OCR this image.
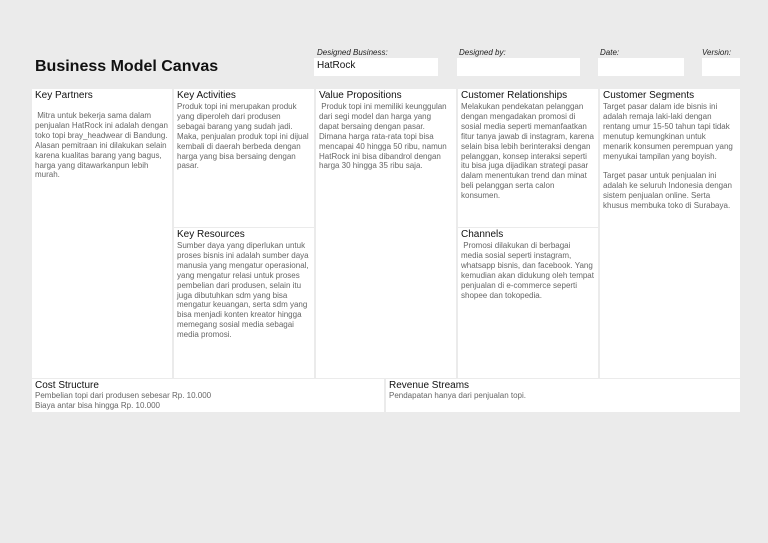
Business Model Canvas
Designed Business:
HatRock
Designed by:	Date:	Version:
Key Partners
Mitra untuk bekerja sama dalam penjualan HatRock ini adalah dengan toko topi bray_headwear di Bandung. Alasan pemitraan ini dilakukan selain karena kualitas barang yang bagus, harga yang ditawarkanpun lebih murah.
Key Activities
Produk topi ini merupakan produk yang diperoleh dari produsen sebagai barang yang sudah jadi.
Maka, penjualan produk topi ini dijual kembali di daerah berbeda dengan harga yang bisa bersaing dengan pasar.
Key Resources
Sumber daya yang diperlukan untuk proses bisnis ini adalah sumber daya manusia yang mengatur operasional, yang mengatur relasi untuk proses pembelian dari produsen, selain itu juga dibutuhkan sdm yang bisa mengatur keuangan, serta sdm yang bisa menjadi konten kreator hingga memegang sosial media sebagai media promosi.
Value Propositions
Produk topi ini memiliki keunggulan dari segi model dan harga yang dapat bersaing dengan pasar. Dimana harga rata-rata topi bisa mencapai 40 hingga 50 ribu, namun HatRock ini bisa dibandrol dengan harga 30 hingga 35 ribu saja.
Customer Relationships
Melakukan pendekatan pelanggan dengan mengadakan promosi di sosial media seperti memanfaatkan fitur tanya jawab di instagram, karena selain bisa lebih berinteraksi dengan pelanggan, konsep interaksi seperti itu bisa juga dijadikan strategi pasar dalam menentukan trend dan minat beli pelanggan serta calon konsumen.
Channels
Promosi dilakukan di berbagai media sosial seperti instagram, whatsapp bisnis, dan facebook. Yang kemudian akan didukung oleh tempat penjualan di e-commerce seperti shopee dan tokopedia.
Customer Segments
Target pasar dalam ide bisnis ini adalah remaja laki-laki dengan rentang umur 15-50 tahun tapi tidak menutup kemungkinan untuk menarik konsumen perempuan yang menyukai tampilan yang boyish.

Target pasar untuk penjualan ini adalah ke seluruh Indonesia dengan sistem penjualan online. Serta khusus membuka toko di Surabaya.
Cost Structure
Pembelian topi dari produsen sebesar Rp. 10.000
Biaya antar bisa hingga Rp. 10.000
Revenue Streams
Pendapatan hanya dari penjualan topi.
